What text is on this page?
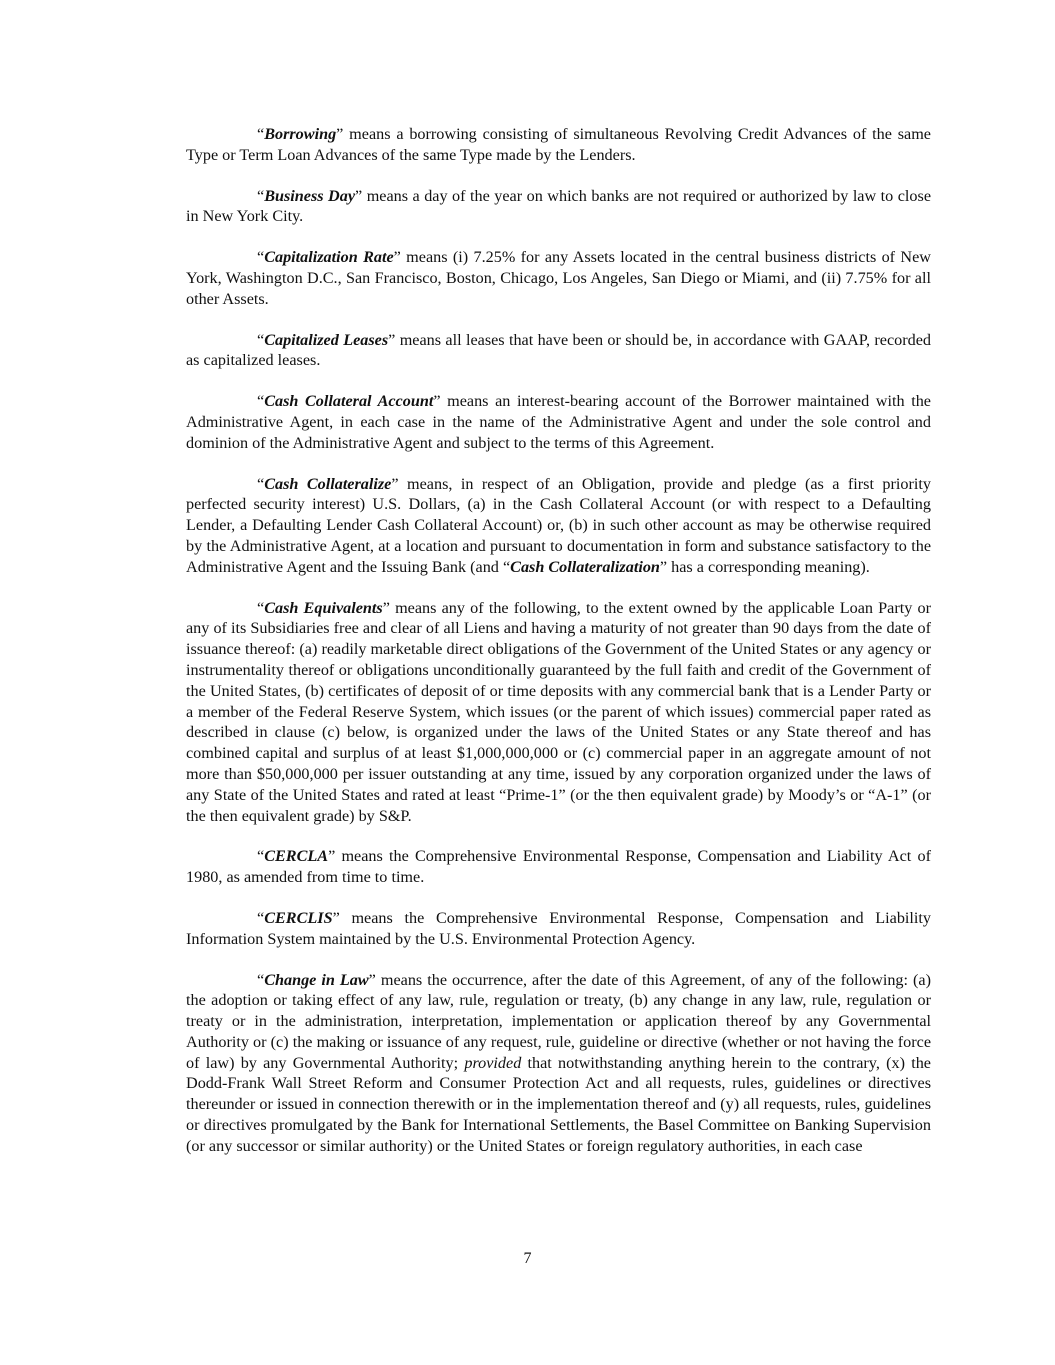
“Borrowing” means a borrowing consisting of simultaneous Revolving Credit Advances of the same Type or Term Loan Advances of the same Type made by the Lenders.

“Business Day” means a day of the year on which banks are not required or authorized by law to close in New York City.

“Capitalization Rate” means (i) 7.25% for any Assets located in the central business districts of New York, Washington D.C., San Francisco, Boston, Chicago, Los Angeles, San Diego or Miami, and (ii) 7.75% for all other Assets.

“Capitalized Leases” means all leases that have been or should be, in accordance with GAAP, recorded as capitalized leases.

“Cash Collateral Account” means an interest-bearing account of the Borrower maintained with the Administrative Agent, in each case in the name of the Administrative Agent and under the sole control and dominion of the Administrative Agent and subject to the terms of this Agreement.

“Cash Collateralize” means, in respect of an Obligation, provide and pledge (as a first priority perfected security interest) U.S. Dollars, (a) in the Cash Collateral Account (or with respect to a Defaulting Lender, a Defaulting Lender Cash Collateral Account) or, (b) in such other account as may be otherwise required by the Administrative Agent, at a location and pursuant to documentation in form and substance satisfactory to the Administrative Agent and the Issuing Bank (and “Cash Collateralization” has a corresponding meaning).

“Cash Equivalents” means any of the following, to the extent owned by the applicable Loan Party or any of its Subsidiaries free and clear of all Liens and having a maturity of not greater than 90 days from the date of issuance thereof: (a) readily marketable direct obligations of the Government of the United States or any agency or instrumentality thereof or obligations unconditionally guaranteed by the full faith and credit of the Government of the United States, (b) certificates of deposit of or time deposits with any commercial bank that is a Lender Party or a member of the Federal Reserve System, which issues (or the parent of which issues) commercial paper rated as described in clause (c) below, is organized under the laws of the United States or any State thereof and has combined capital and surplus of at least $1,000,000,000 or (c) commercial paper in an aggregate amount of not more than $50,000,000 per issuer outstanding at any time, issued by any corporation organized under the laws of any State of the United States and rated at least “Prime-1” (or the then equivalent grade) by Moody’s or “A-1” (or the then equivalent grade) by S&P.

“CERCLA” means the Comprehensive Environmental Response, Compensation and Liability Act of 1980, as amended from time to time.

“CERCLIS” means the Comprehensive Environmental Response, Compensation and Liability Information System maintained by the U.S. Environmental Protection Agency.

“Change in Law” means the occurrence, after the date of this Agreement, of any of the following: (a) the adoption or taking effect of any law, rule, regulation or treaty, (b) any change in any law, rule, regulation or treaty or in the administration, interpretation, implementation or application thereof by any Governmental Authority or (c) the making or issuance of any request, rule, guideline or directive (whether or not having the force of law) by any Governmental Authority; provided that notwithstanding anything herein to the contrary, (x) the Dodd-Frank Wall Street Reform and Consumer Protection Act and all requests, rules, guidelines or directives thereunder or issued in connection therewith or in the implementation thereof and (y) all requests, rules, guidelines or directives promulgated by the Bank for International Settlements, the Basel Committee on Banking Supervision (or any successor or similar authority) or the United States or foreign regulatory authorities, in each case

7
